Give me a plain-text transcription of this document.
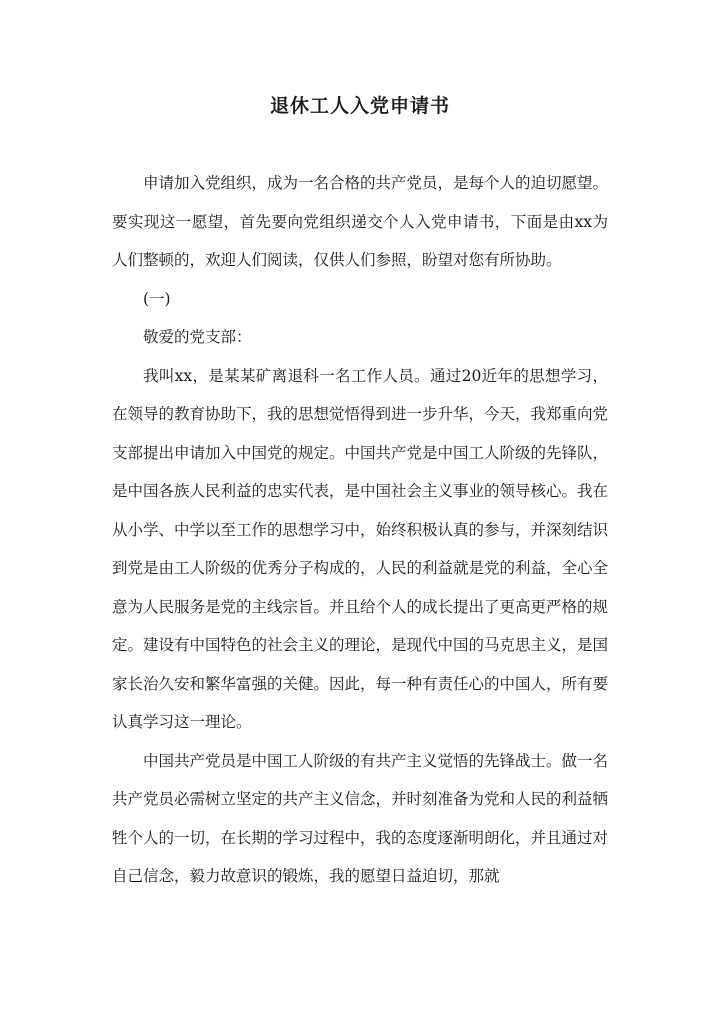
退休工人入党申请书

申请加入党组织，成为一名合格的共产党员，是每个人的迫切愿望。要实现这一愿望，首先要向党组织递交个人入党申请书，下面是由xx为人们整顿的，欢迎人们阅读，仅供人们参照，盼望对您有所协助。

(一)

敬爱的党支部：

我叫xx，是某某矿离退科一名工作人员。通过20近年的思想学习，在领导的教育协助下，我的思想觉悟得到进一步升华，今天，我郑重向党支部提出申请加入中国党的规定。中国共产党是中国工人阶级的先锋队，是中国各族人民利益的忠实代表，是中国社会主义事业的领导核心。我在从小学、中学以至工作的思想学习中，始终积极认真的参与，并深刻结识到党是由工人阶级的优秀分子构成的，人民的利益就是党的利益，全心全意为人民服务是党的主线宗旨。并且给个人的成长提出了更高更严格的规定。建设有中国特色的社会主义的理论，是现代中国的马克思主义，是国家长治久安和繁华富强的关健。因此，每一种有责任心的中国人，所有要认真学习这一理论。

中国共产党员是中国工人阶级的有共产主义觉悟的先锋战士。做一名共产党员必需树立坚定的共产主义信念，并时刻准备为党和人民的利益牺牲个人的一切，在长期的学习过程中，我的态度逐渐明朗化，并且通过对自己信念，毅力故意识的锻炼，我的愿望日益迫切，那就
